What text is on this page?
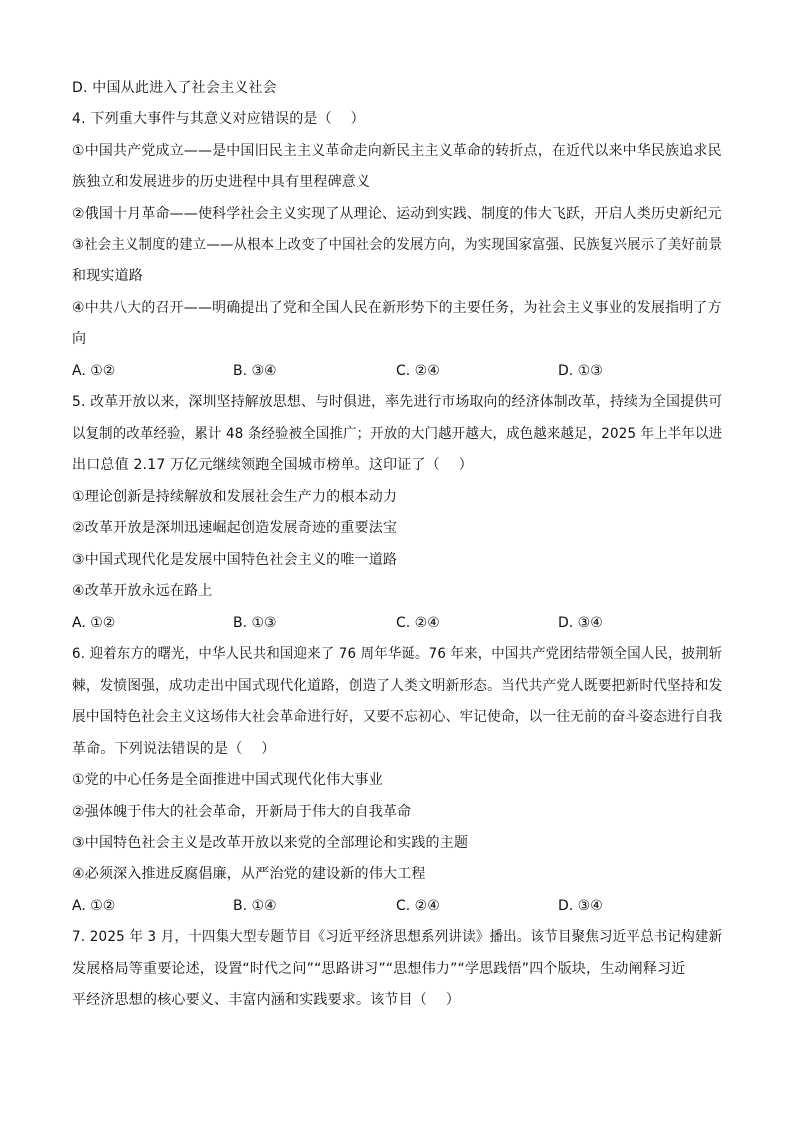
D. 中国从此进入了社会主义社会
4. 下列重大事件与其意义对应错误的是（　 ）
①中国共产党成立——是中国旧民主主义革命走向新民主主义革命的转折点，在近代以来中华民族追求民
族独立和发展进步的历史进程中具有里程碑意义
②俄国十月革命——使科学社会主义实现了从理论、运动到实践、制度的伟大飞跃，开启人类历史新纪元
③社会主义制度的建立——从根本上改变了中国社会的发展方向，为实现国家富强、民族复兴展示了美好前景
和现实道路
④中共八大的召开——明确提出了党和全国人民在新形势下的主要任务，为社会主义事业的发展指明了方
向
A. ①②	B. ③④	C. ②④	D. ①③
5. 改革开放以来，深圳坚持解放思想、与时俱进，率先进行市场取向的经济体制改革，持续为全国提供可
以复制的改革经验，累计 48 条经验被全国推广；开放的大门越开越大，成色越来越足，2025 年上半年以进
出口总值 2.17 万亿元继续领跑全国城市榜单。这印证了（　 ）
①理论创新是持续解放和发展社会生产力的根本动力
②改革开放是深圳迅速崛起创造发展奇迹的重要法宝
③中国式现代化是发展中国特色社会主义的唯一道路
④改革开放永远在路上
A. ①②	B. ①③	C. ②④	D. ③④
6. 迎着东方的曙光，中华人民共和国迎来了 76 周年华诞。76 年来，中国共产党团结带领全国人民，披荆斩
棘，发愤图强，成功走出中国式现代化道路，创造了人类文明新形态。当代共产党人既要把新时代坚持和发
展中国特色社会主义这场伟大社会革命进行好，又要不忘初心、牢记使命，以一往无前的奋斗姿态进行自我
革命。下列说法错误的是（　 ）
①党的中心任务是全面推进中国式现代化伟大事业
②强体魄于伟大的社会革命，开新局于伟大的自我革命
③中国特色社会主义是改革开放以来党的全部理论和实践的主题
④必须深入推进反腐倡廉，从严治党的建设新的伟大工程
A. ①②	B. ①④	C. ②④	D. ③④
7. 2025 年 3 月，十四集大型专题节目《习近平经济思想系列讲读》播出。该节目聚焦习近平总书记构建新
发展格局等重要论述，设置“时代之问”“思路讲习”“思想伟力”“学思践悟”四个版块，生动阐释习近
平经济思想的核心要义、丰富内涵和实践要求。该节目（　 ）
